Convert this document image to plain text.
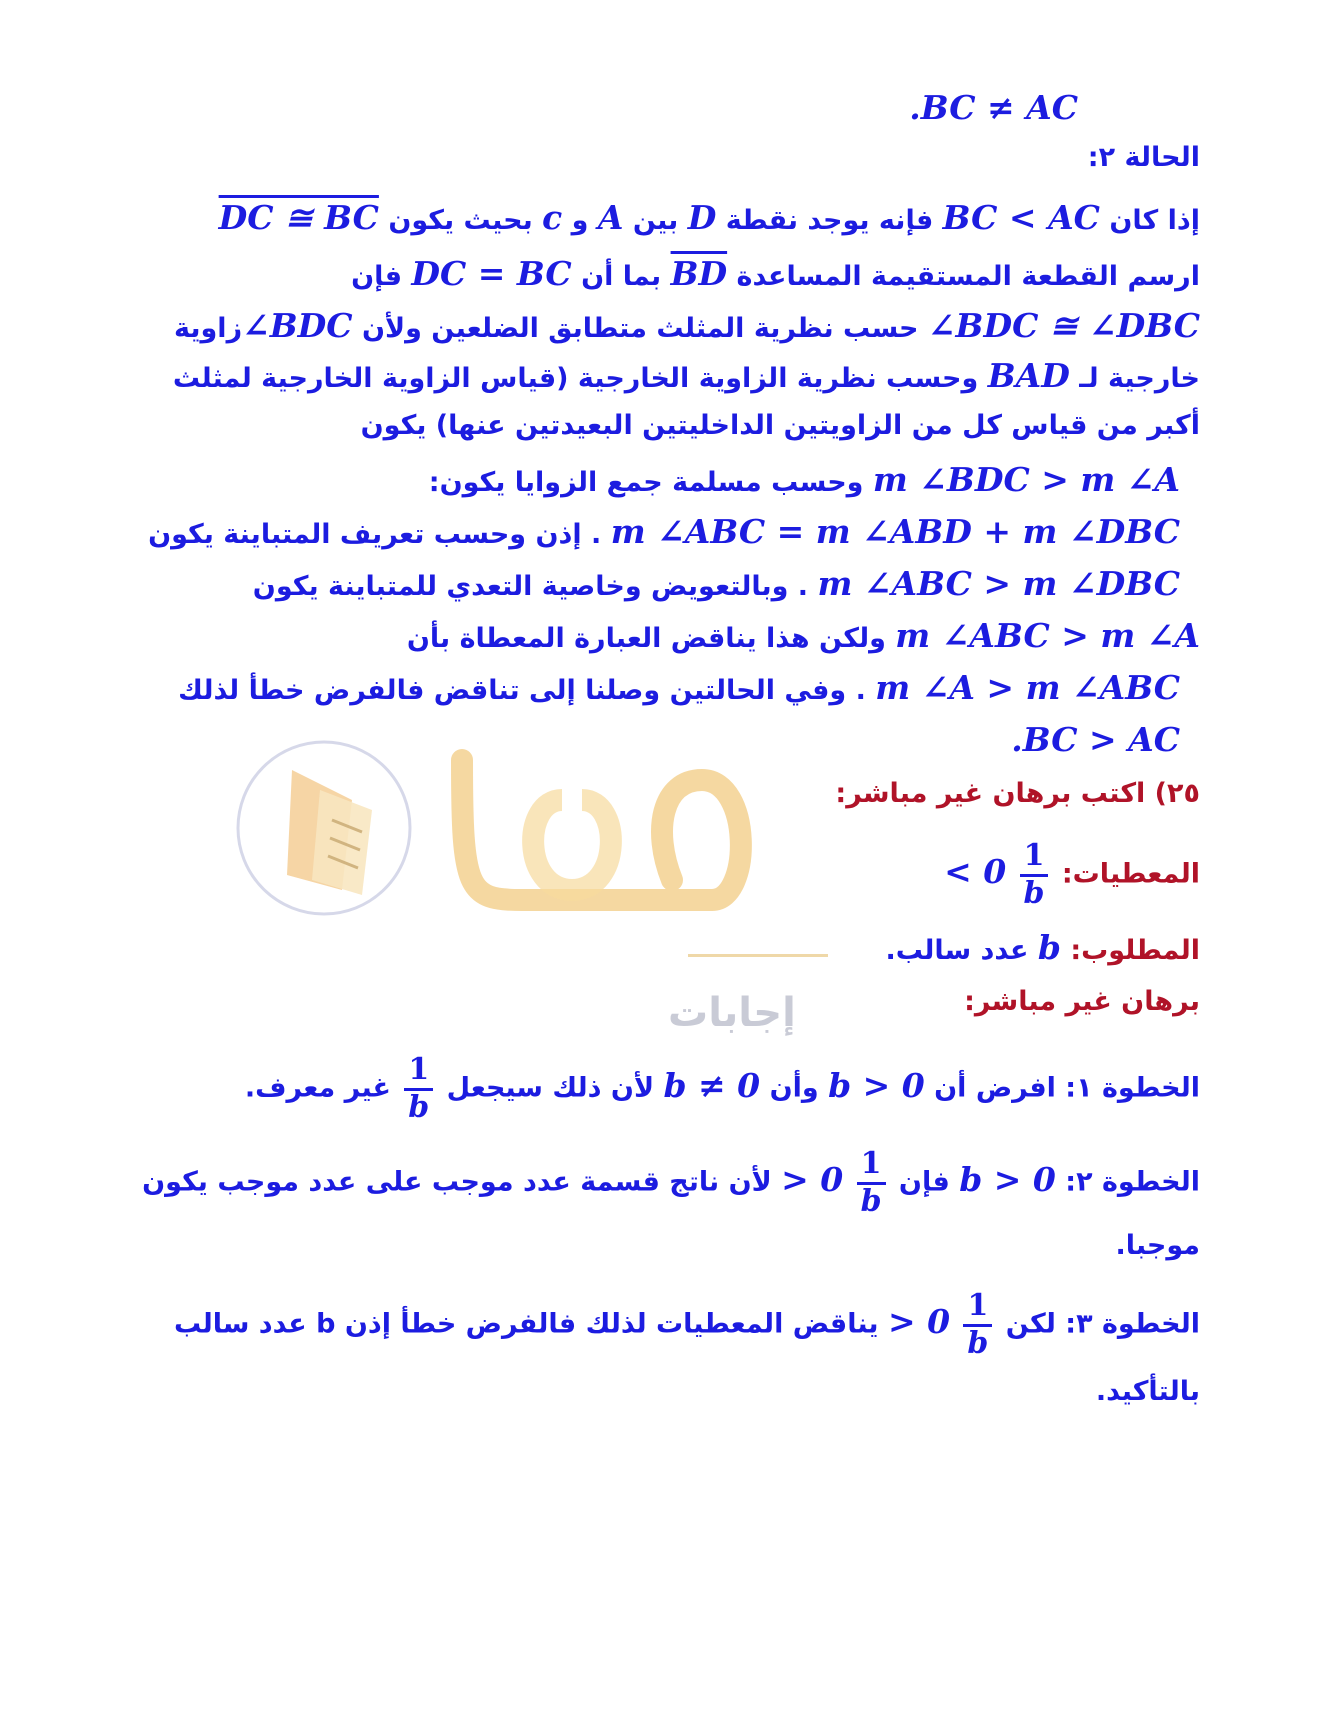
إجابات
.BC ≠ AC
الحالة ٢:
إذا كان BC < AC فإنه يوجد نقطة D بين A و c بحيث يكون DC ≅ BC
ارسم القطعة المستقيمة المساعدة $\overline{BD}$ بما أن DC = BC فإن
∠BDC ≅ ∠DBC حسب نظرية المثلث متطابق الضلعين ولأن ∠BDCزاوية
خارجية لـ BAD وحسب نظرية الزاوية الخارجية (قياس الزاوية الخارجية لمثلث
أكبر من قياس كل من الزاويتين الداخليتين البعيدتين عنها) يكون
m ∠BDC > m ∠A وحسب مسلمة جمع الزوايا يكون:
m ∠ABC = m ∠ABD + m ∠DBC . إذن وحسب تعريف المتباينة يكون
m ∠ABC > m ∠DBC . وبالتعويض وخاصية التعدي للمتباينة يكون
m ∠ABC > m ∠A ولكن هذا يناقض العبارة المعطاة بأن
m ∠A > m ∠ABC . وفي الحالتين وصلنا إلى تناقض فالفرض خطأ لذلك
.BC > AC
٢٥) اكتب برهان غير مباشر:
المعطيات:
$\frac{1}{b}$
< 0
المطلوب: b عدد سالب.
برهان غير مباشر:
الخطوة ١: افرض أن b > 0 وأن b ≠ 0 لأن ذلك سيجعل
$\frac{1}{b}$
غير معرف.
الخطوة ٢: b > 0 فإن
$\frac{1}{b}$
> 0 لأن ناتج قسمة عدد موجب على عدد موجب يكون
موجبا.
الخطوة ٣: لكن
$\frac{1}{b}$
> 0 يناقض المعطيات لذلك فالفرض خطأ إذن b عدد سالب
بالتأكيد.
